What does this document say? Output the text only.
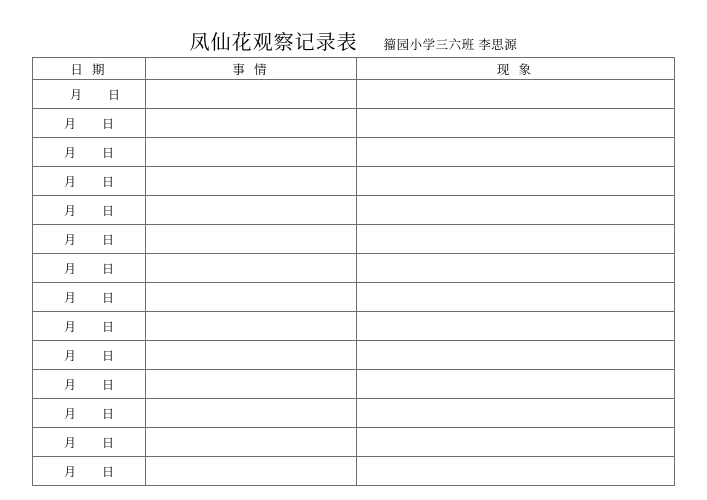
凤仙花观察记录表 籀园小学三六班 李思源
日 期	事 情	现 象
月 日		
月 日		
月 日		
月 日		
月 日		
月 日		
月 日		
月 日		
月 日		
月 日		
月 日		
月 日		
月 日		
月 日		
